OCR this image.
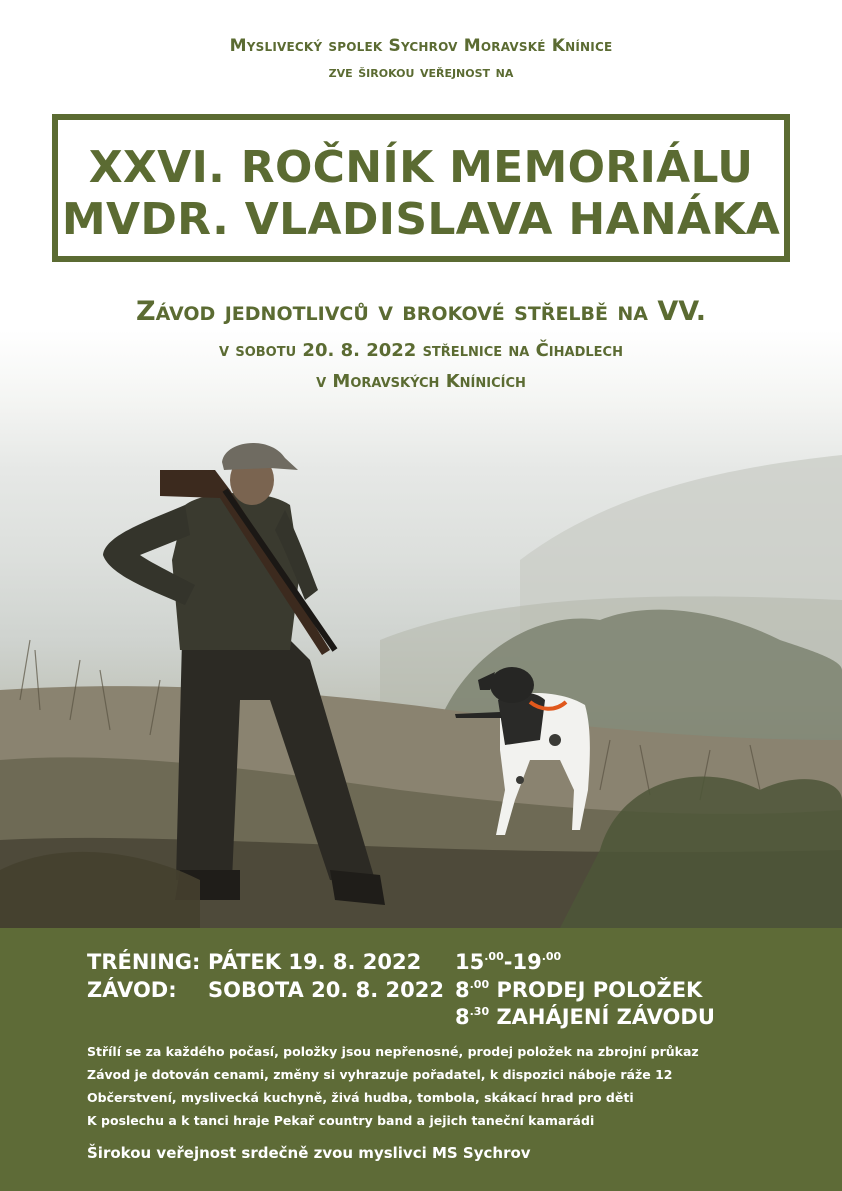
Myslivecký spolek Sychrov Moravské Knínice
zve širokou veřejnost na
XXVI. ROČNÍK MEMORIÁLU
MVDR. VLADISLAVA HANÁKA
Závod jednotlivců v brokové střelbě na VV.
v sobotu 20. 8. 2022 střelnice na Čihadlech
v Moravských Knínicích
TRÉNING: PÁTEK 19. 8. 2022 $15^{.00}-19^{.00}$
ZÁVOD: SOBOTA 20. 8. 2022 $8^{.00}$ PRODEJ POLOŽEK
$8^{.30}$ ZAHÁJENÍ ZÁVODU
Střílí se za každého počasí, položky jsou nepřenosné, prodej položek na zbrojní průkaz
Závod je dotován cenami, změny si vyhrazuje pořadatel, k dispozici náboje ráže 12
Občerstvení, myslivecká kuchyně, živá hudba, tombola, skákací hrad pro děti
K poslechu a k tanci hraje Pekař country band a jejich taneční kamarádi
Širokou veřejnost srdečně zvou myslivci MS Sychrov
